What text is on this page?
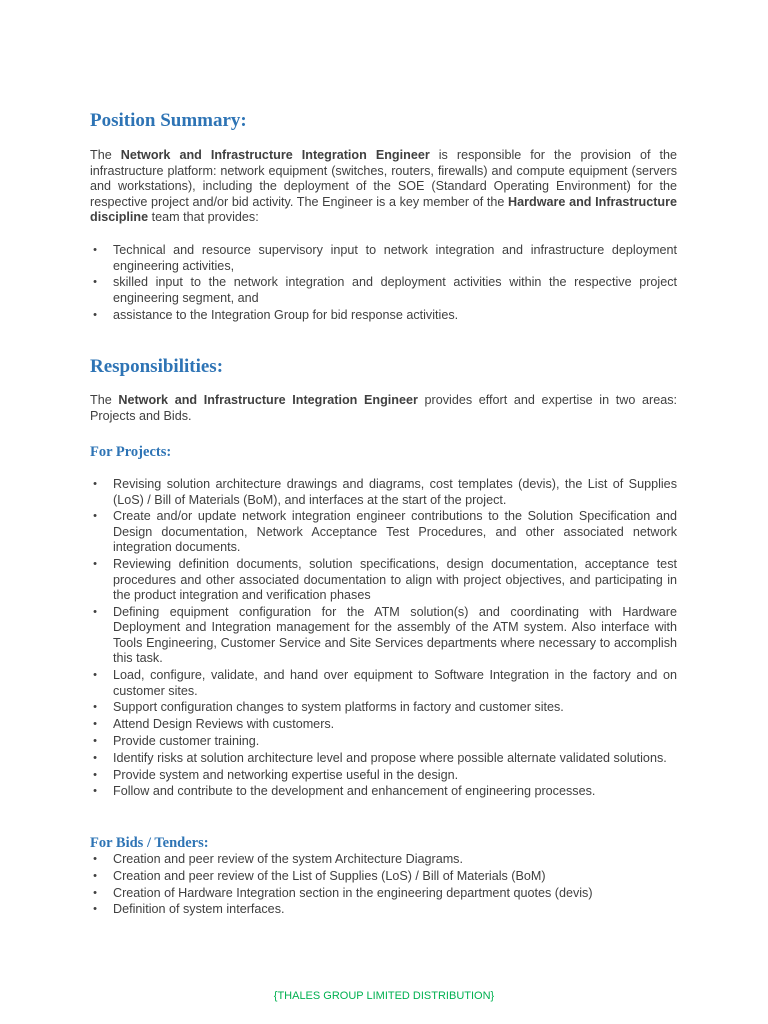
Position Summary:

The Network and Infrastructure Integration Engineer is responsible for the provision of the infrastructure platform: network equipment (switches, routers, firewalls) and compute equipment (servers and workstations), including the deployment of the SOE (Standard Operating Environment) for the respective project and/or bid activity. The Engineer is a key member of the Hardware and Infrastructure discipline team that provides:

• Technical and resource supervisory input to network integration and infrastructure deployment engineering activities,
• skilled input to the network integration and deployment activities within the respective project engineering segment, and
• assistance to the Integration Group for bid response activities.
Responsibilities:

The Network and Infrastructure Integration Engineer provides effort and expertise in two areas: Projects and Bids.

For Projects:
• Revising solution architecture drawings and diagrams, cost templates (devis), the List of Supplies (LoS) / Bill of Materials (BoM), and interfaces at the start of the project.
• Create and/or update network integration engineer contributions to the Solution Specification and Design documentation, Network Acceptance Test Procedures, and other associated network integration documents.
• Reviewing definition documents, solution specifications, design documentation, acceptance test procedures and other associated documentation to align with project objectives, and participating in the product integration and verification phases
• Defining equipment configuration for the ATM solution(s) and coordinating with Hardware Deployment and Integration management for the assembly of the ATM system. Also interface with Tools Engineering, Customer Service and Site Services departments where necessary to accomplish this task.
• Load, configure, validate, and hand over equipment to Software Integration in the factory and on customer sites.
• Support configuration changes to system platforms in factory and customer sites.
• Attend Design Reviews with customers.
• Provide customer training.
• Identify risks at solution architecture level and propose where possible alternate validated solutions.
• Provide system and networking expertise useful in the design.
• Follow and contribute to the development and enhancement of engineering processes.
For Bids / Tenders:
• Creation and peer review of the system Architecture Diagrams.
• Creation and peer review of the List of Supplies (LoS) / Bill of Materials (BoM)
• Creation of Hardware Integration section in the engineering department quotes (devis)
• Definition of system interfaces.
{THALES GROUP LIMITED DISTRIBUTION}
